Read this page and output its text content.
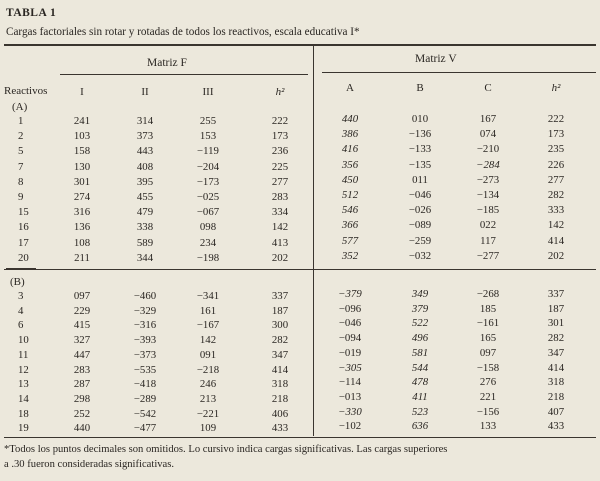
TABLA 1
Cargas factoriales sin rotar y rotadas de todos los reactivos, escala educativa I*
Matriz F	Matriz V
Reactivos	I	II	III	h²	A	B	C	h²
(A)
1	241	314	255	222	440	010	167	222
2	103	373	153	173	386	−136	074	173
5	158	443	−119	236	416	−133	−210	235
7	130	408	−204	225	356	−135	−284	226
8	301	395	−173	277	450	011	−273	277
9	274	455	−025	283	512	−046	−134	282
15	316	479	−067	334	546	−026	−185	333
16	136	338	098	142	366	−089	022	142
17	108	589	234	413	577	−259	117	414
20	211	344	−198	202	352	−032	−277	202
(B)
3	097	−460	−341	337	−379	349	−268	337
4	229	−329	161	187	−096	379	185	187
6	415	−316	−167	300	−046	522	−161	301
10	327	−393	142	282	−094	496	165	282
11	447	−373	091	347	−019	581	097	347
12	283	−535	−218	414	−305	544	−158	414
13	287	−418	246	318	−114	478	276	318
14	298	−289	213	218	−013	411	221	218
18	252	−542	−221	406	−330	523	−156	407
19	440	−477	109	433	−102	636	133	433
*Todos los puntos decimales son omitidos. Lo cursivo indica cargas significativas. Las cargas superiores
a .30 fueron consideradas significativas.
